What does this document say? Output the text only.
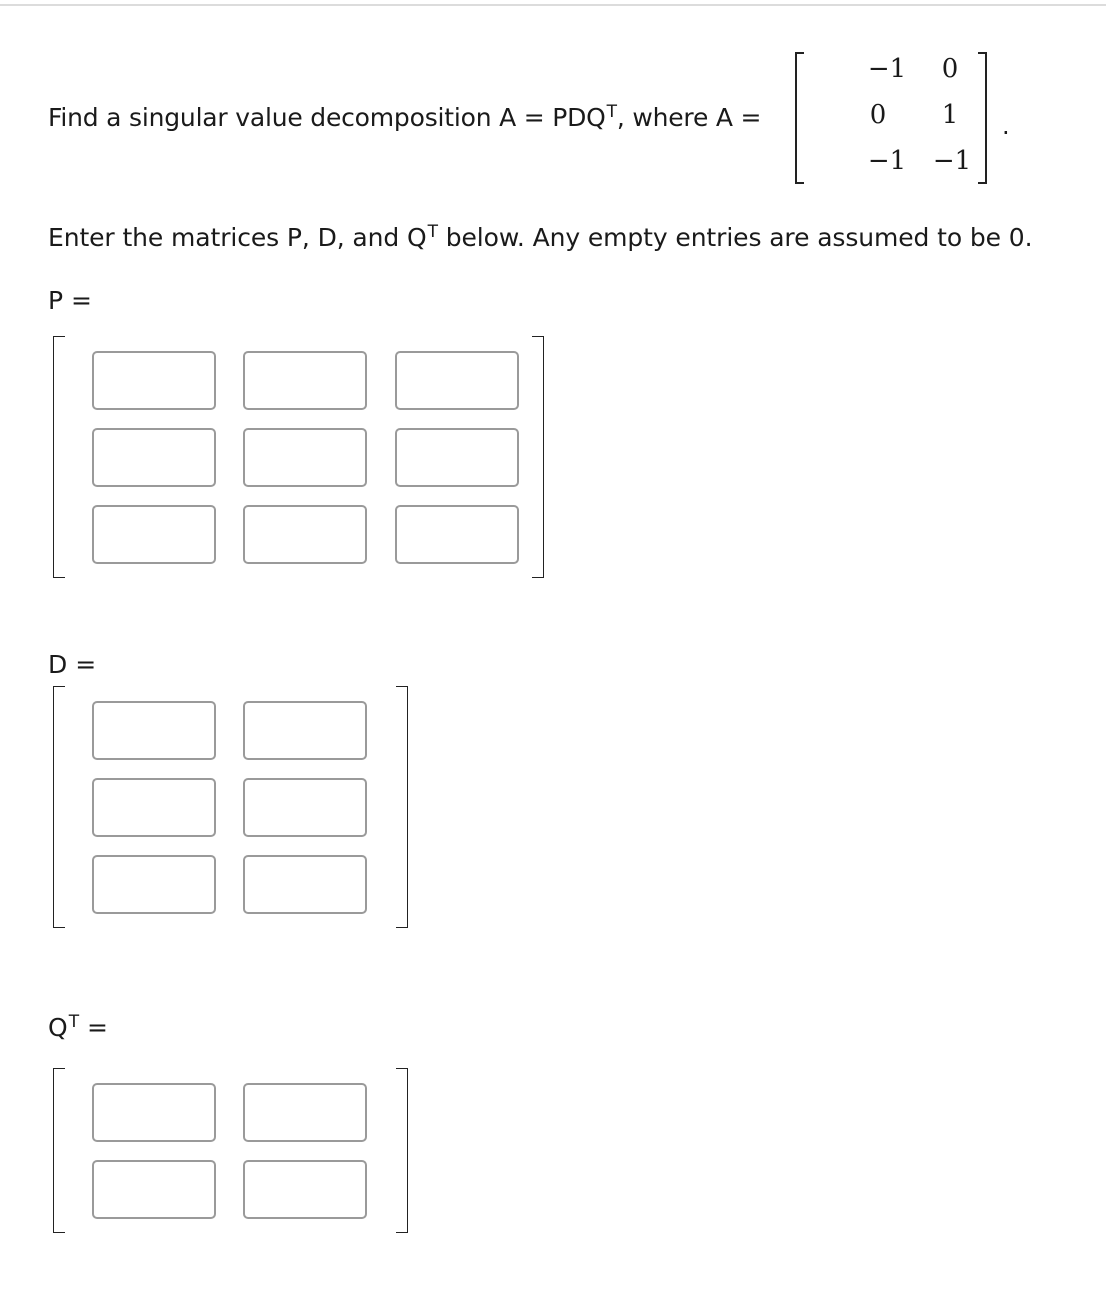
Find a singular value decomposition $A = PDQ^T$, where A =
−1	0
0	1
−1	−1
.
Enter the matrices P, D, and $Q^T$ below. Any empty entries are assumed to be 0.
P =
D =
$Q^T$ =
